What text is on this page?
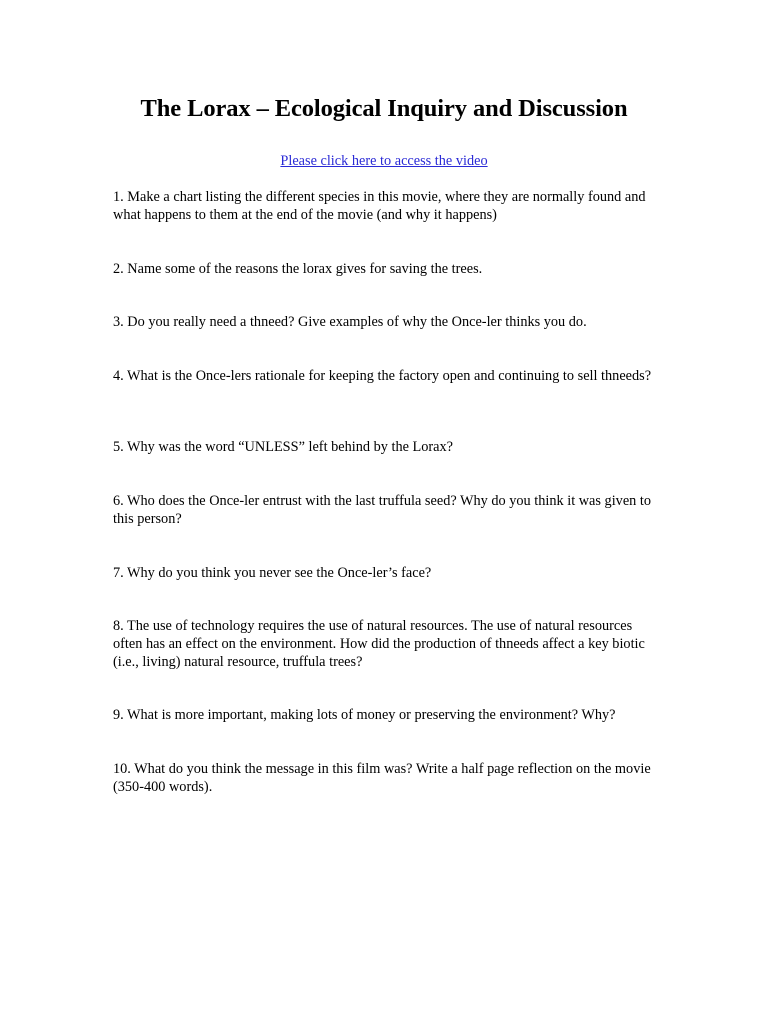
The Lorax – Ecological Inquiry and Discussion
Please click here to access the video

1. Make a chart listing the different species in this movie, where they are normally found and what happens to them at the end of the movie (and why it happens)

2. Name some of the reasons the lorax gives for saving the trees.

3. Do you really need a thneed? Give examples of why the Once-ler thinks you do.

4. What is the Once-lers rationale for keeping the factory open and continuing to sell thneeds?

5. Why was the word “UNLESS” left behind by the Lorax?

6. Who does the Once-ler entrust with the last truffula seed? Why do you think it was given to this person?

7. Why do you think you never see the Once-ler’s face?

8. The use of technology requires the use of natural resources. The use of natural resources often has an effect on the environment. How did the production of thneeds affect a key biotic (i.e., living) natural resource, truffula trees?

9. What is more important, making lots of money or preserving the environment? Why?

10. What do you think the message in this film was? Write a half page reflection on the movie (350-400 words).
